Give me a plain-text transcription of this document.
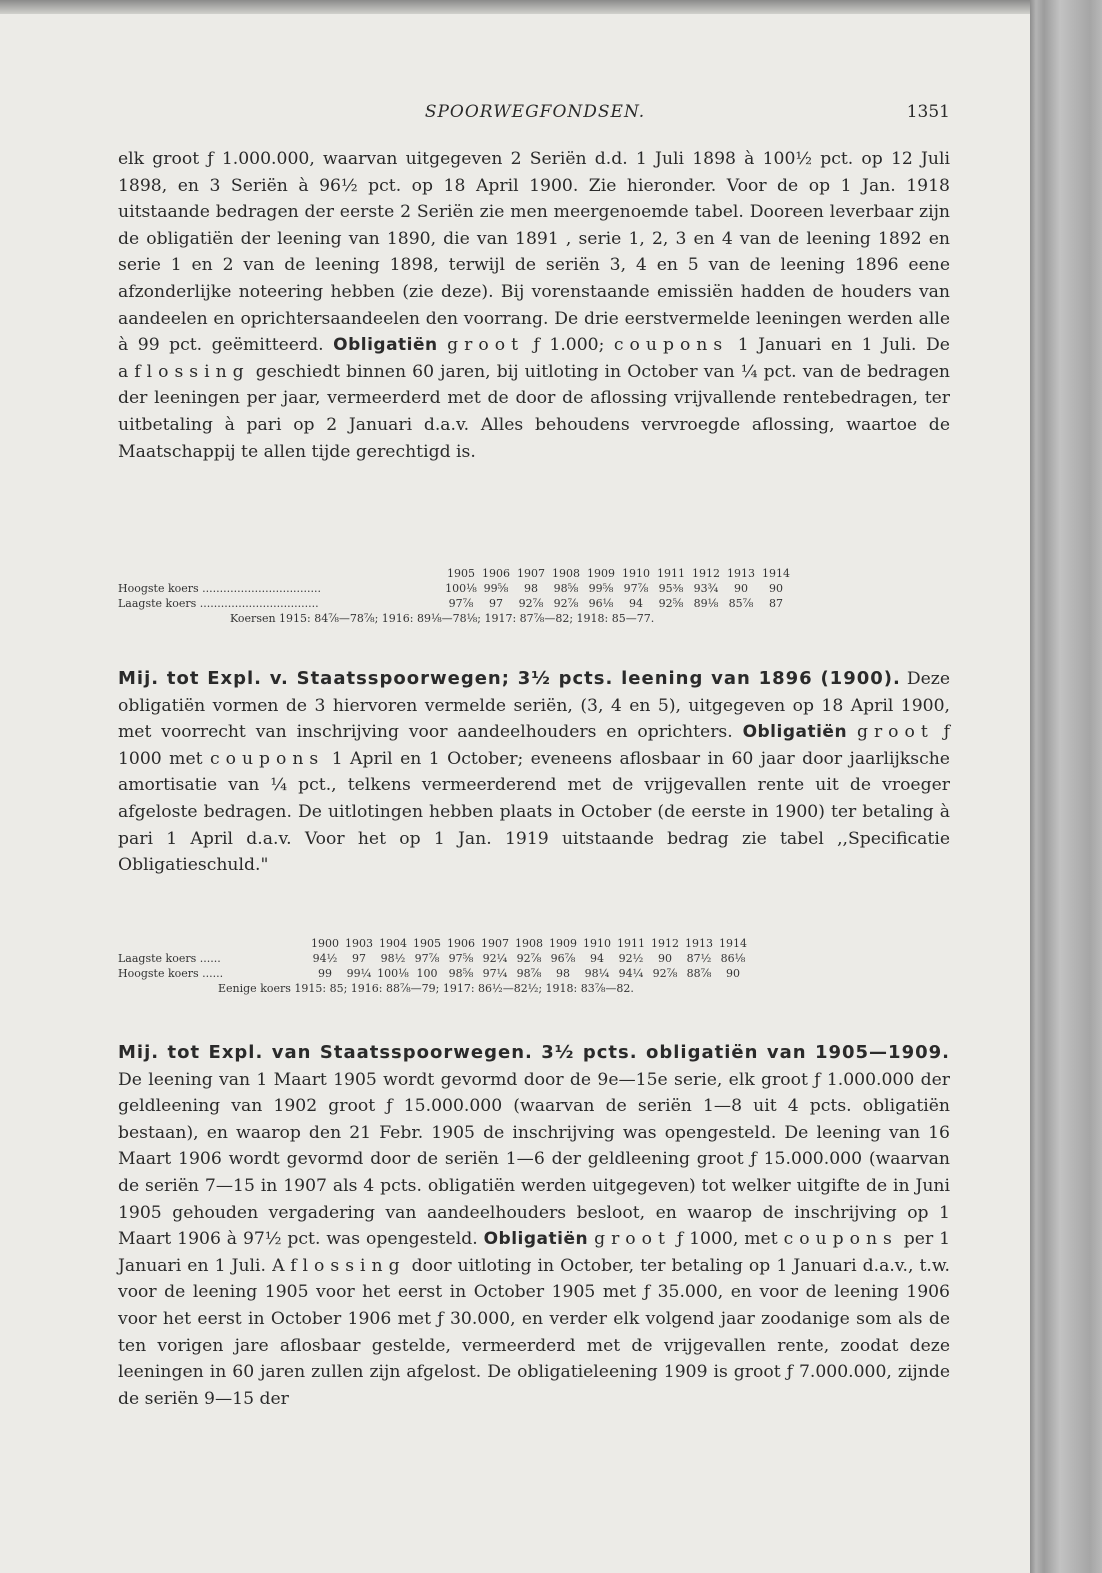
SPOORWEGFONDSEN.	1351

elk groot ƒ 1.000.000, waarvan uitgegeven 2 Seriën d.d. 1 Juli 1898 à 100½ pct. op 12 Juli 1898, en 3 Seriën à 96½ pct. op 18 April 1900. Zie hieronder. Voor de op 1 Jan. 1918 uitstaande bedragen der eerste 2 Seriën zie men meergenoemde tabel. Dooreen leverbaar zijn de obligatiën der leening van 1890, die van 1891 , serie 1, 2, 3 en 4 van de leening 1892 en serie 1 en 2 van de leening 1898, terwijl de seriën 3, 4 en 5 van de leening 1896 eene afzonderlijke noteering hebben (zie deze). Bij vorenstaande emissiën hadden de houders van aandeelen en oprichtersaandeelen den voorrang. De drie eerstvermelde leeningen werden alle à 99 pct. geëmitteerd. Obligatiën groot ƒ 1.000; coupons 1 Januari en 1 Juli. De aflossing geschiedt binnen 60 jaren, bij uitloting in October van ¼ pct. van de bedragen der leeningen per jaar, vermeerderd met de door de aflossing vrijvallende rentebedragen, ter uitbetaling à pari op 2 Januari d.a.v. Alles behoudens vervroegde aflossing, waartoe de Maatschappij te allen tijde gerechtigd is.

1905 1906 1907 1908 1909 1910 1911 1912 1913 1914
Hoogste koers ..................................	100⅛ 99⅝	98	98⅝ 99⅝ 97⅞ 95⅜ 93¾	90	90
Laagste koers ..................................	97⅞	97	92⅞ 92⅞ 96⅛	94	92⅝ 89⅛ 85⅞	87
Koersen 1915: 84⅞—78⅞; 1916: 89⅛—78⅛; 1917: 87⅞—82; 1918: 85—77.

Mij. tot Expl. v. Staatsspoorwegen; 3½ pcts. leening van 1896 (1900). Deze obligatiën vormen de 3 hiervoren vermelde seriën, (3, 4 en 5), uitgegeven op 18 April 1900, met voorrecht van inschrijving voor aandeelhouders en oprichters. Obligatiën groot ƒ 1000 met coupons 1 April en 1 October; eveneens aflosbaar in 60 jaar door jaarlijksche amortisatie van ¼ pct., telkens vermeerderend met de vrijgevallen rente uit de vroeger afgeloste bedragen. De uitlotingen hebben plaats in October (de eerste in 1900) ter betaling à pari 1 April d.a.v. Voor het op 1 Jan. 1919 uitstaande bedrag zie tabel ,,Specificatie Obligatieschuld."

1900 1903 1904 1905 1906 1907 1908 1909 1910 1911 1912 1913 1914
Laagste koers ......	94½	97	98½ 97⅞ 97⅝ 92¼ 92⅞ 96⅞	94	92½	90	87½ 86⅛
Hoogste koers ......	99	99¼ 100⅛ 100	98⅝ 97¼ 98⅞	98	98¼ 94¼ 92⅞ 88⅞	90
Eenige koers 1915: 85; 1916: 88⅞—79; 1917: 86½—82½; 1918: 83⅞—82.

Mij. tot Expl. van Staatsspoorwegen. 3½ pcts. obligatiën van 1905—1909. De leening van 1 Maart 1905 wordt gevormd door de 9e—15e serie, elk groot ƒ 1.000.000 der geldleening van 1902 groot ƒ 15.000.000 (waarvan de seriën 1—8 uit 4 pcts. obligatiën bestaan), en waarop den 21 Febr. 1905 de inschrijving was opengesteld. De leening van 16 Maart 1906 wordt gevormd door de seriën 1—6 der geldleening groot ƒ 15.000.000 (waarvan de seriën 7—15 in 1907 als 4 pcts. obligatiën werden uitgegeven) tot welker uitgifte de in Juni 1905 gehouden vergadering van aandeelhouders besloot, en waarop de inschrijving op 1 Maart 1906 à 97½ pct. was opengesteld. Obligatiën groot ƒ 1000, met coupons per 1 Januari en 1 Juli. Aflossing door uitloting in October, ter betaling op 1 Januari d.a.v., t.w. voor de leening 1905 voor het eerst in October 1905 met ƒ 35.000, en voor de leening 1906 voor het eerst in October 1906 met ƒ 30.000, en verder elk volgend jaar zoodanige som als de ten vorigen jare aflosbaar gestelde, vermeerderd met de vrijgevallen rente, zoodat deze leeningen in 60 jaren zullen zijn afgelost. De obligatieleening 1909 is groot ƒ 7.000.000, zijnde de seriën 9—15 der
